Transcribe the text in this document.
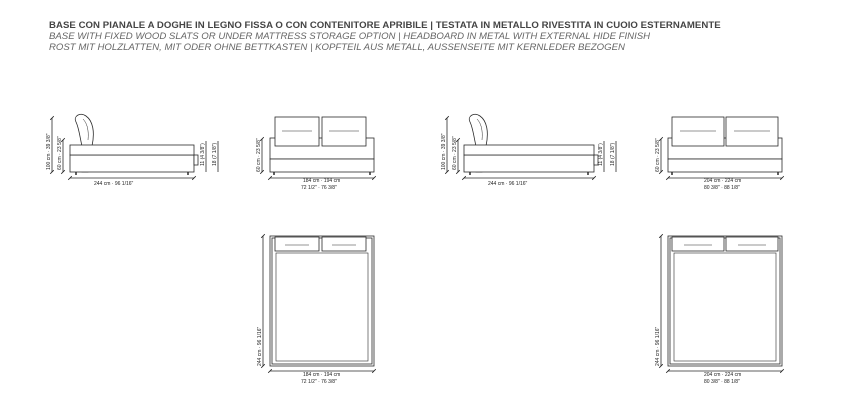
BASE CON PIANALE A DOGHE IN LEGNO FISSA O CON CONTENITORE APRIBILE | TESTATA IN METALLO RIVESTITA IN CUOIO ESTERNAMENTE
BASE WITH FIXED WOOD SLATS OR UNDER MATTRESS STORAGE OPTION | HEADBOARD IN METAL WITH EXTERNAL HIDE FINISH
ROST MIT HOLZLATTEN, MIT ODER OHNE BETTKASTEN | KOPFTEIL AUS METALL, AUSSENSEITE MIT KERNLEDER BEZOGEN
100 cm · 39 3/8" 60 cm · 23 5/8"
244 cm · 96 1/16"
11 (4 3/8") 18 (7 1/8")	60 cm · 23 5/8"
184 cm · 194 cm
72 1/2" · 76 3/8"
100 cm · 39 3/8" 60 cm · 23 5/8"
244 cm · 96 1/16"
11 (4 3/8") 18 (7 1/8")	60 cm · 23 5/8"
204 cm · 224 cm
80 3/8" · 88 1/8"
244 cm · 96 1/16"
184 cm · 194 cm
72 1/2" · 76 3/8"
244 cm · 96 1/16"
204 cm · 224 cm
80 3/8" · 88 1/8"
